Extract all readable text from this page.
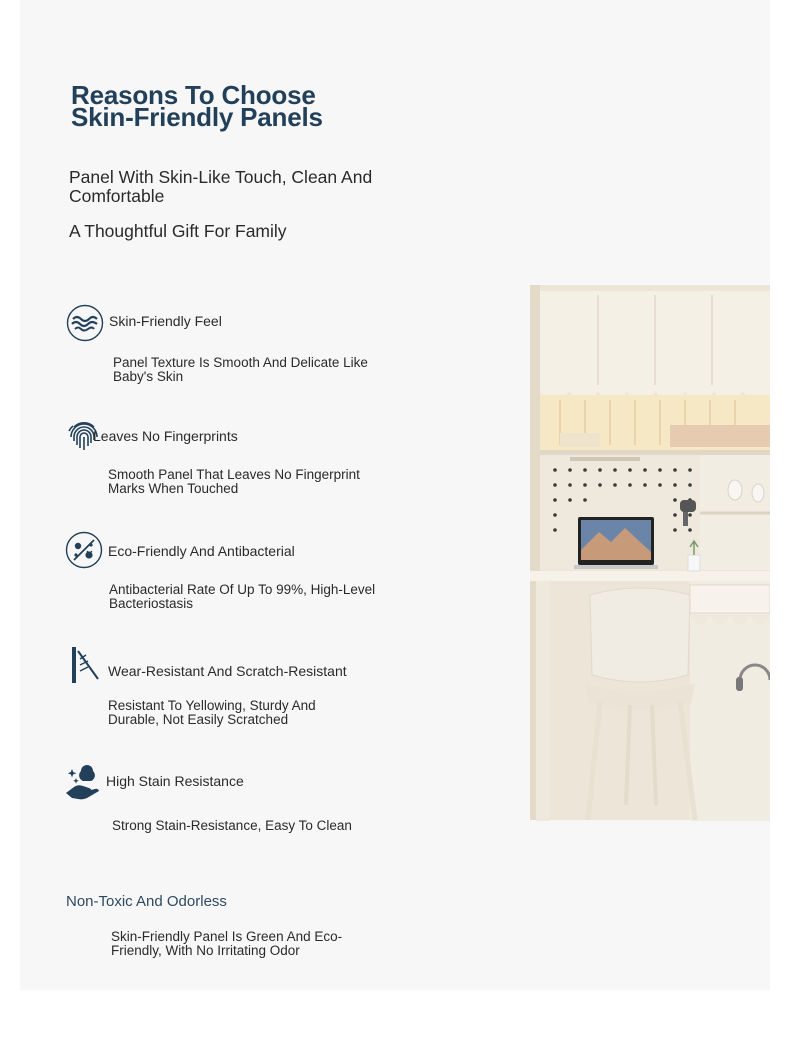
Reasons To Choose
Skin-Friendly Panels
Panel With Skin-Like Touch, Clean And Comfortable
A Thoughtful Gift For Family
Skin-Friendly Feel
Panel Texture Is Smooth And Delicate Like Baby's Skin
Leaves No Fingerprints
Smooth Panel That Leaves No Fingerprint Marks When Touched
Eco-Friendly And Antibacterial
Antibacterial Rate Of Up To 99%, High-Level Bacteriostasis
Wear-Resistant And Scratch-Resistant
Resistant To Yellowing, Sturdy And Durable, Not Easily Scratched
High Stain Resistance
Strong Stain-Resistance, Easy To Clean
Non-Toxic And Odorless
Skin-Friendly Panel Is Green And Eco-Friendly, With No Irritating Odor
